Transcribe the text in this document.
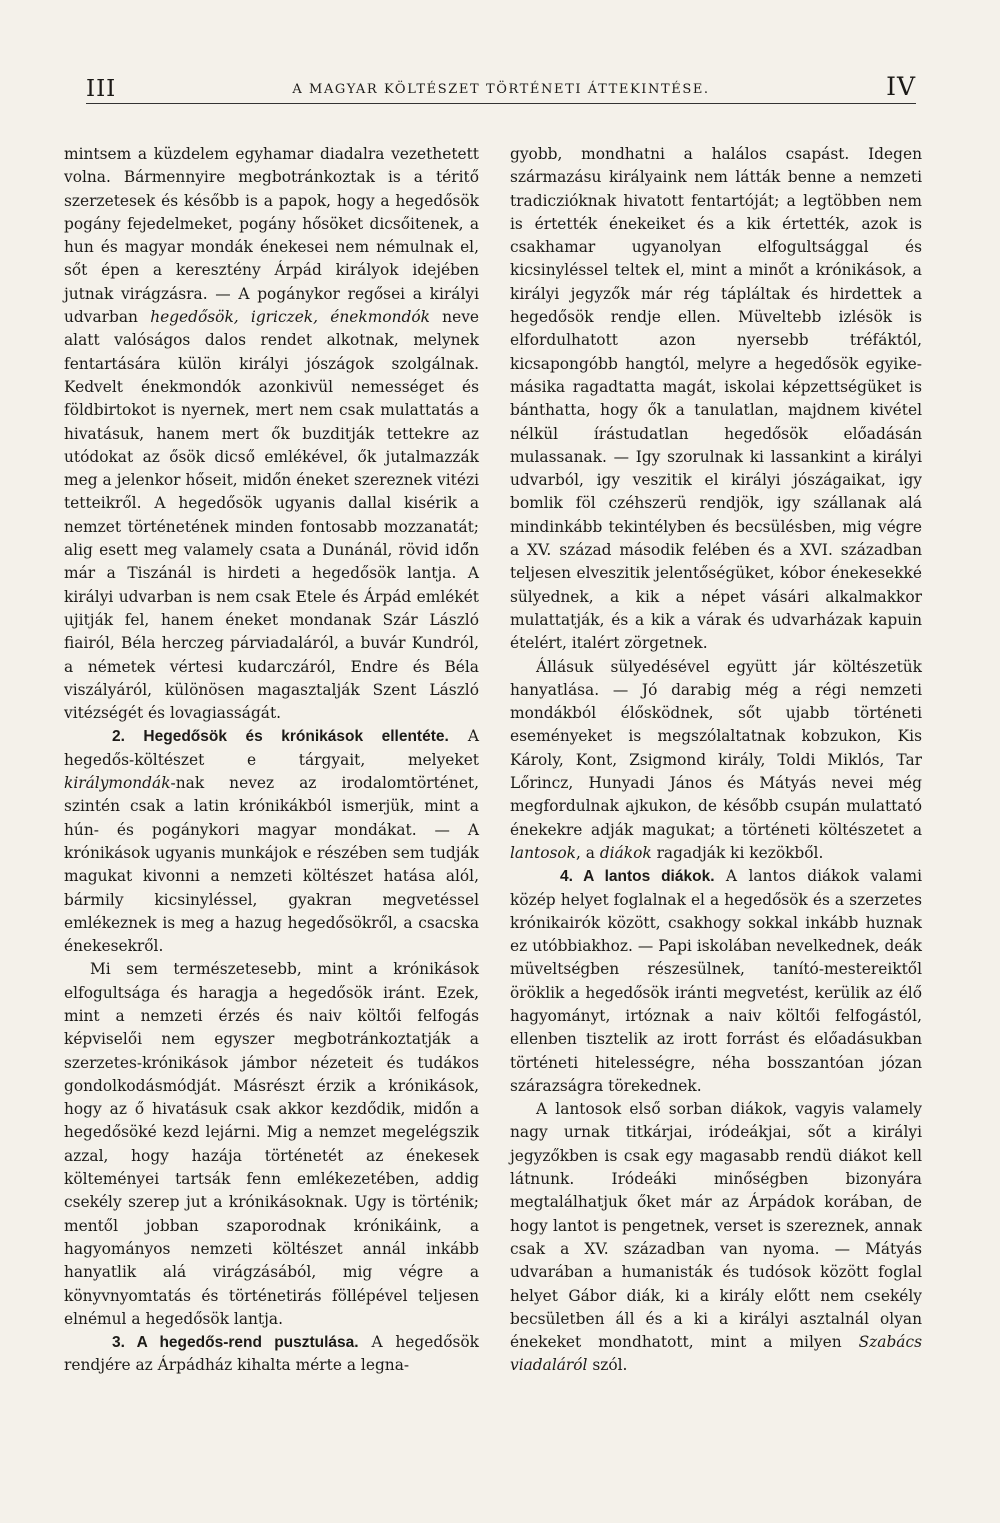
III	A MAGYAR KÖLTÉSZET TÖRTÉNETI ÁTTEKINTÉSE.	IV

mintsem a küzdelem egyhamar diadalra vezethetett volna. Bármennyire megbotránkoztak is a téritő szerzetesek és később is a papok, hogy a hegedősök pogány fejedelmeket, pogány hősöket dicsőitenek, a hun és magyar mondák énekesei nem némulnak el, sőt épen a keresztény Árpád királyok idejében jutnak virágzásra. — A pogánykor regősei a királyi udvarban hegedősök, igriczek, énekmondók neve alatt valóságos dalos rendet alkotnak, melynek fentartására külön királyi jószágok szolgálnak. Kedvelt énekmondók azonkivül nemességet és földbirtokot is nyernek, mert nem csak mulattatás a hivatásuk, hanem mert ők buzditják tettekre az utódokat az ősök dicső emlékével, ők jutalmazzák meg a jelenkor hőseit, midőn éneket szereznek vitézi tetteikről. A hegedősök ugyanis dallal kisérik a nemzet történetének minden fontosabb mozzanatát; alig esett meg valamely csata a Dunánál, rövid idő̋n már a Tiszánál is hirdeti a hegedősök lantja. A királyi udvarban is nem csak Etele és Árpád emlékét ujitják fel, hanem éneket mondanak Szár László fiairól, Béla herczeg párviadaláról, a buvár Kundról, a németek vértesi kudarczáról, Endre és Béla viszályáról, különösen magasztalják Szent László vitézségét és lovagiasságát.

2. Hegedősök és krónikások ellentéte. A hegedős-költészet e tárgyait, melyeket királymondák-nak nevez az irodalomtörténet, szintén csak a latin krónikákból ismerjük, mint a hún- és pogánykori magyar mondákat. — A krónikások ugyanis munkájok e részében sem tudják magukat kivonni a nemzeti költészet hatása alól, bármily kicsinyléssel, gyakran megvetéssel emlékeznek is meg a hazug hegedősökről, a csacska énekesekről.

Mi sem természetesebb, mint a krónikások elfogultsága és haragja a hegedősök iránt. Ezek, mint a nemzeti érzés és naiv költői felfogás képviselői nem egyszer megbotránkoztatják a szerzetes-krónikások jámbor nézeteit és tudákos gondolkodásmódját. Másrészt érzik a krónikások, hogy az ő hivatásuk csak akkor kezdődik, midőn a hegedősöké kezd lejárni. Mig a nemzet megelégszik azzal, hogy hazája történetét az énekesek költeményei tartsák fenn emlékezetében, addig csekély szerep jut a krónikásoknak. Ugy is történik; mentől jobban szaporodnak krónikáink, a hagyományos nemzeti költészet annál inkább hanyatlik alá virágzásából, mig végre a könyvnyomtatás és történetirás föllépével teljesen elnémul a hegedősök lantja.

3. A hegedős-rend pusztulása. A hegedősök rendjére az Árpádház kihalta mérte a legna-

gyobb, mondhatni a halálos csapást. Idegen származásu királyaink nem látták benne a nemzeti tradiczióknak hivatott fentartóját; a legtöbben nem is értették énekeiket és a kik értették, azok is csakhamar ugyanolyan elfogultsággal és kicsinyléssel teltek el, mint a minőt a krónikások, a királyi jegyzők már rég tápláltak és hirdettek a hegedősök rendje ellen. Müveltebb izlésök is elfordulhatott azon nyersebb tréfáktól, kicsapongóbb hangtól, melyre a hegedősök egyike-másika ragadtatta magát, iskolai képzettségüket is bánthatta, hogy ők a tanulatlan, majdnem kivétel nélkül írástudatlan hegedősök előadásán mulassanak. — Igy szorulnak ki lassankint a királyi udvarból, igy veszitik el királyi jószágaikat, igy bomlik föl czéhszerü rendjök, igy szállanak alá mindinkább tekintélyben és becsülésben, mig végre a XV. század második felében és a XVI. században teljesen elveszitik jelentőségüket, kóbor énekesekké sülyednek, a kik a népet vásári alkalmakkor mulattatják, és a kik a várak és udvarházak kapuin ételért, italért zörgetnek.

Állásuk sülyedésével együtt jár költészetük hanyatlása. — Jó darabig még a régi nemzeti mondákból élősködnek, sőt ujabb történeti eseményeket is megszólaltatnak kobzukon, Kis Károly, Kont, Zsigmond király, Toldi Miklós, Tar Lőrincz, Hunyadi János és Mátyás nevei még megfordulnak ajkukon, de később csupán mulattató énekekre adják magukat; a történeti költészetet a lantosok, a diákok ragadják ki kezökből.

4. A lantos diákok. A lantos diákok valami közép helyet foglalnak el a hegedősök és a szerzetes krónikairók között, csakhogy sokkal inkább huznak ez utóbbiakhoz. — Papi iskolában nevelkednek, deák müveltségben részesülnek, tanító-mestereiktől öröklik a hegedősök iránti megvetést, kerülik az élő hagyományt, irtóznak a naiv költői felfogástól, ellenben tisztelik az irott forrást és előadásukban történeti hitelességre, néha bosszantóan józan szárazságra törekednek.

A lantosok első sorban diákok, vagyis valamely nagy urnak titkárjai, iródeákjai, sőt a királyi jegyzőkben is csak egy magasabb rendü diákot kell látnunk. Iródeáki minőségben bizonyára megtalálhatjuk őket már az Árpádok korában, de hogy lantot is pengetnek, verset is szereznek, annak csak a XV. században van nyoma. — Mátyás udvarában a humanisták és tudósok között foglal helyet Gábor diák, ki a király előtt nem csekély becsületben áll és a ki a királyi asztalnál olyan énekeket mondhatott, mint a milyen Szabács viadaláról szól.
